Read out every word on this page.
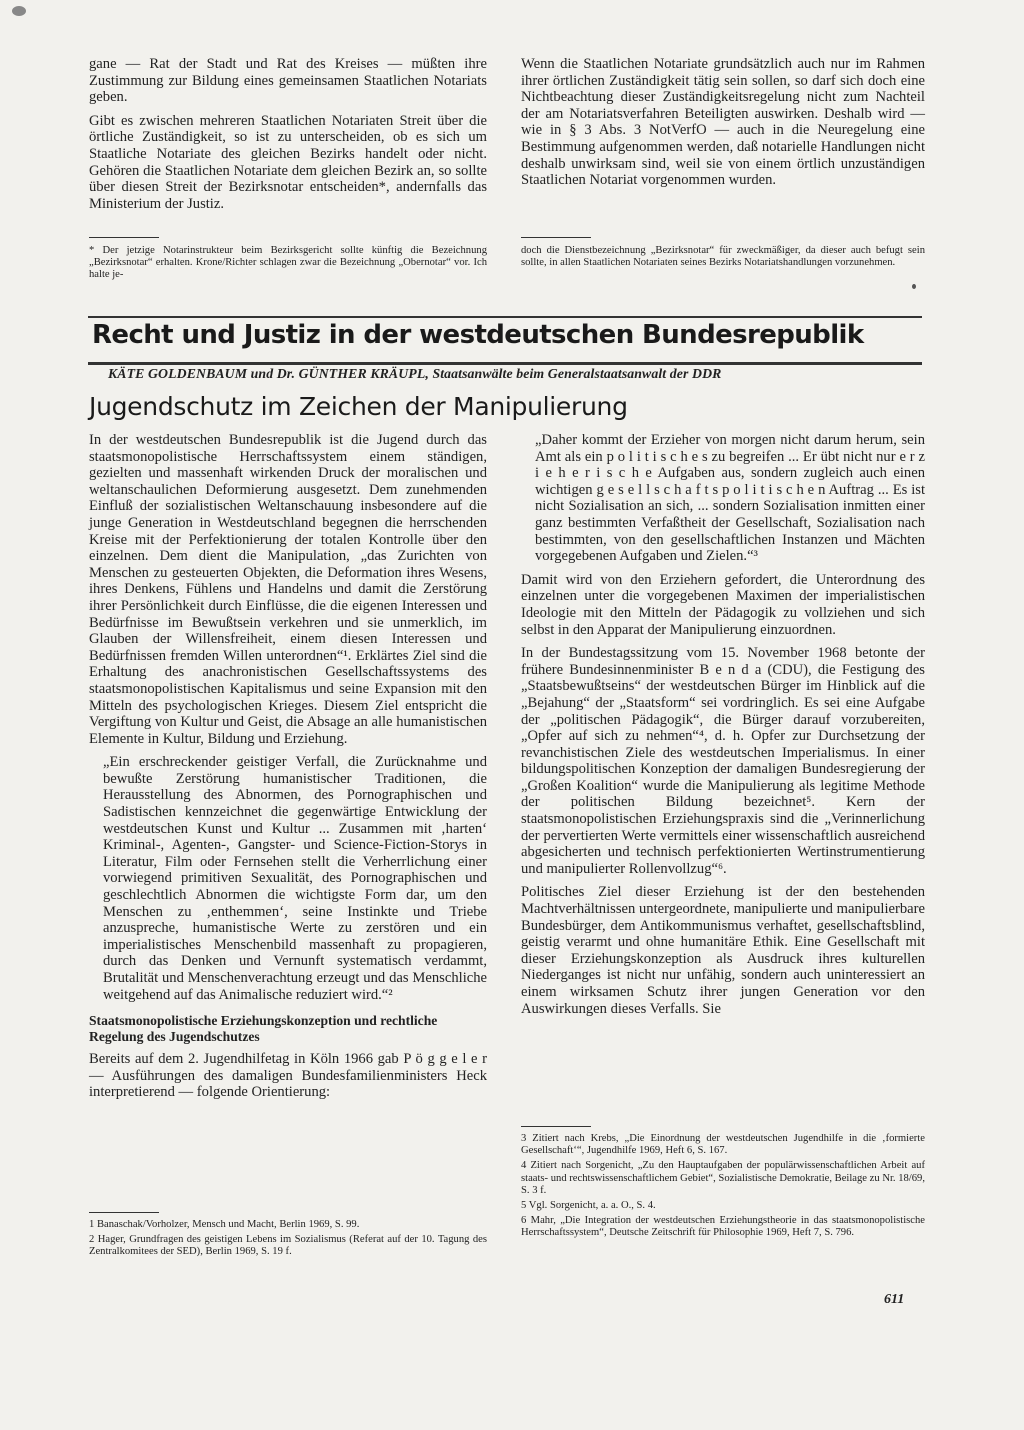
gane — Rat der Stadt und Rat des Kreises — müßten ihre Zustimmung zur Bildung eines gemeinsamen Staatlichen Notariats geben.

Gibt es zwischen mehreren Staatlichen Notariaten Streit über die örtliche Zuständigkeit, so ist zu unterscheiden, ob es sich um Staatliche Notariate des gleichen Bezirks handelt oder nicht. Gehören die Staatlichen Notariate dem gleichen Bezirk an, so sollte über diesen Streit der Bezirksnotar entscheiden*, andernfalls das Ministerium der Justiz.

Wenn die Staatlichen Notariate grundsätzlich auch nur im Rahmen ihrer örtlichen Zuständigkeit tätig sein sollen, so darf sich doch eine Nichtbeachtung dieser Zuständigkeitsregelung nicht zum Nachteil der am Notariatsverfahren Beteiligten auswirken. Deshalb wird — wie in § 3 Abs. 3 NotVerfO — auch in die Neuregelung eine Bestimmung aufgenommen werden, daß notarielle Handlungen nicht deshalb unwirksam sind, weil sie von einem örtlich unzuständigen Staatlichen Notariat vorgenommen wurden.

* Der jetzige Notarinstrukteur beim Bezirksgericht sollte künftig die Bezeichnung „Bezirksnotar“ erhalten. Krone/Richter schlagen zwar die Bezeichnung „Obernotar“ vor. Ich halte je-

doch die Dienstbezeichnung „Bezirksnotar“ für zweckmäßiger, da dieser auch befugt sein sollte, in allen Staatlichen Notariaten seines Bezirks Notariatshandlungen vorzunehmen.

Recht und Justiz in der westdeutschen Bundesrepublik
KÄTE GOLDENBAUM und Dr. GÜNTHER KRÄUPL, Staatsanwälte beim Generalstaatsanwalt der DDR
Jugendschutz im Zeichen der Manipulierung

In der westdeutschen Bundesrepublik ist die Jugend durch das staatsmonopolistische Herrschaftssystem einem ständigen, gezielten und massenhaft wirkenden Druck der moralischen und weltanschaulichen Deformierung ausgesetzt. Dem zunehmenden Einfluß der sozialistischen Weltanschauung insbesondere auf die junge Generation in Westdeutschland begegnen die herrschenden Kreise mit der Perfektionierung der totalen Kontrolle über den einzelnen. Dem dient die Manipulation, „das Zurichten von Menschen zu gesteuerten Objekten, die Deformation ihres Wesens, ihres Denkens, Fühlens und Handelns und damit die Zerstörung ihrer Persönlichkeit durch Einflüsse, die die eigenen Interessen und Bedürfnisse im Bewußtsein verkehren und sie unmerklich, im Glauben der Willensfreiheit, einem diesen Interessen und Bedürfnissen fremden Willen unterordnen“¹. Erklärtes Ziel sind die Erhaltung des anachronistischen Gesellschaftssystems des staatsmonopolistischen Kapitalismus und seine Expansion mit den Mitteln des psychologischen Krieges. Diesem Ziel entspricht die Vergiftung von Kultur und Geist, die Absage an alle humanistischen Elemente in Kultur, Bildung und Erziehung.

„Ein erschreckender geistiger Verfall, die Zurücknahme und bewußte Zerstörung humanistischer Traditionen, die Herausstellung des Abnormen, des Pornographischen und Sadistischen kennzeichnet die gegenwärtige Entwicklung der westdeutschen Kunst und Kultur ... Zusammen mit ‚harten‘ Kriminal-, Agenten-, Gangster- und Science-Fiction-Storys in Literatur, Film oder Fernsehen stellt die Verherrlichung einer vorwiegend primitiven Sexualität, des Pornographischen und geschlechtlich Abnormen die wichtigste Form dar, um den Menschen zu ‚enthemmen‘, seine Instinkte und Triebe anzuspreche, humanistische Werte zu zerstören und ein imperialistisches Menschenbild massenhaft zu propagieren, durch das Denken und Vernunft systematisch verdammt, Brutalität und Menschenverachtung erzeugt und das Menschliche weitgehend auf das Animalische reduziert wird.“²

Staatsmonopolistische Erziehungskonzeption und rechtliche Regelung des Jugendschutzes

Bereits auf dem 2. Jugendhilfetag in Köln 1966 gab P ö g g e l e r — Ausführungen des damaligen Bundesfamilienministers Heck interpretierend — folgende Orientierung:

„Daher kommt der Erzieher von morgen nicht darum herum, sein Amt als ein p o l i t i s c h e s zu begreifen ... Er übt nicht nur e r z i e h e r i s c h e Aufgaben aus, sondern zugleich auch einen wichtigen g e s e l l s c h a f t s p o l i t i s c h e n Auftrag ... Es ist nicht Sozialisation an sich, ... sondern Sozialisation inmitten einer ganz bestimmten Verfaßtheit der Gesellschaft, Sozialisation nach bestimmten, von den gesellschaftlichen Instanzen und Mächten vorgegebenen Aufgaben und Zielen.“³

Damit wird von den Erziehern gefordert, die Unterordnung des einzelnen unter die vorgegebenen Maximen der imperialistischen Ideologie mit den Mitteln der Pädagogik zu vollziehen und sich selbst in den Apparat der Manipulierung einzuordnen.

In der Bundestagssitzung vom 15. November 1968 betonte der frühere Bundesinnenminister B e n d a (CDU), die Festigung des „Staatsbewußtseins“ der westdeutschen Bürger im Hinblick auf die „Bejahung“ der „Staatsform“ sei vordringlich. Es sei eine Aufgabe der „politischen Pädagogik“, die Bürger darauf vorzubereiten, „Opfer auf sich zu nehmen“⁴, d. h. Opfer zur Durchsetzung der revanchistischen Ziele des westdeutschen Imperialismus. In einer bildungspolitischen Konzeption der damaligen Bundesregierung der „Großen Koalition“ wurde die Manipulierung als legitime Methode der politischen Bildung bezeichnet⁵. Kern der staatsmonopolistischen Erziehungspraxis sind die „Verinnerlichung der pervertierten Werte vermittels einer wissenschaftlich ausreichend abgesicherten und technisch perfektionierten Wertinstrumentierung und manipulierter Rollenvollzug“⁶.

Politisches Ziel dieser Erziehung ist der den bestehenden Machtverhältnissen untergeordnete, manipulierte und manipulierbare Bundesbürger, dem Antikommunismus verhaftet, gesellschaftsblind, geistig verarmt und ohne humanitäre Ethik. Eine Gesellschaft mit dieser Erziehungskonzeption als Ausdruck ihres kulturellen Niederganges ist nicht nur unfähig, sondern auch uninteressiert an einem wirksamen Schutz ihrer jungen Generation vor den Auswirkungen dieses Verfalls. Sie

1 Banaschak/Vorholzer, Mensch und Macht, Berlin 1969, S. 99.

2 Hager, Grundfragen des geistigen Lebens im Sozialismus (Referat auf der 10. Tagung des Zentralkomitees der SED), Berlin 1969, S. 19 f.

3 Zitiert nach Krebs, „Die Einordnung der westdeutschen Jugendhilfe in die ‚formierte Gesellschaft‘“, Jugendhilfe 1969, Heft 6, S. 167.

4 Zitiert nach Sorgenicht, „Zu den Hauptaufgaben der populärwissenschaftlichen Arbeit auf staats- und rechtswissenschaftlichem Gebiet“, Sozialistische Demokratie, Beilage zu Nr. 18/69, S. 3 f.

5 Vgl. Sorgenicht, a. a. O., S. 4.

6 Mahr, „Die Integration der westdeutschen Erziehungstheorie in das staatsmonopolistische Herrschaftssystem“, Deutsche Zeitschrift für Philosophie 1969, Heft 7, S. 796.

611
